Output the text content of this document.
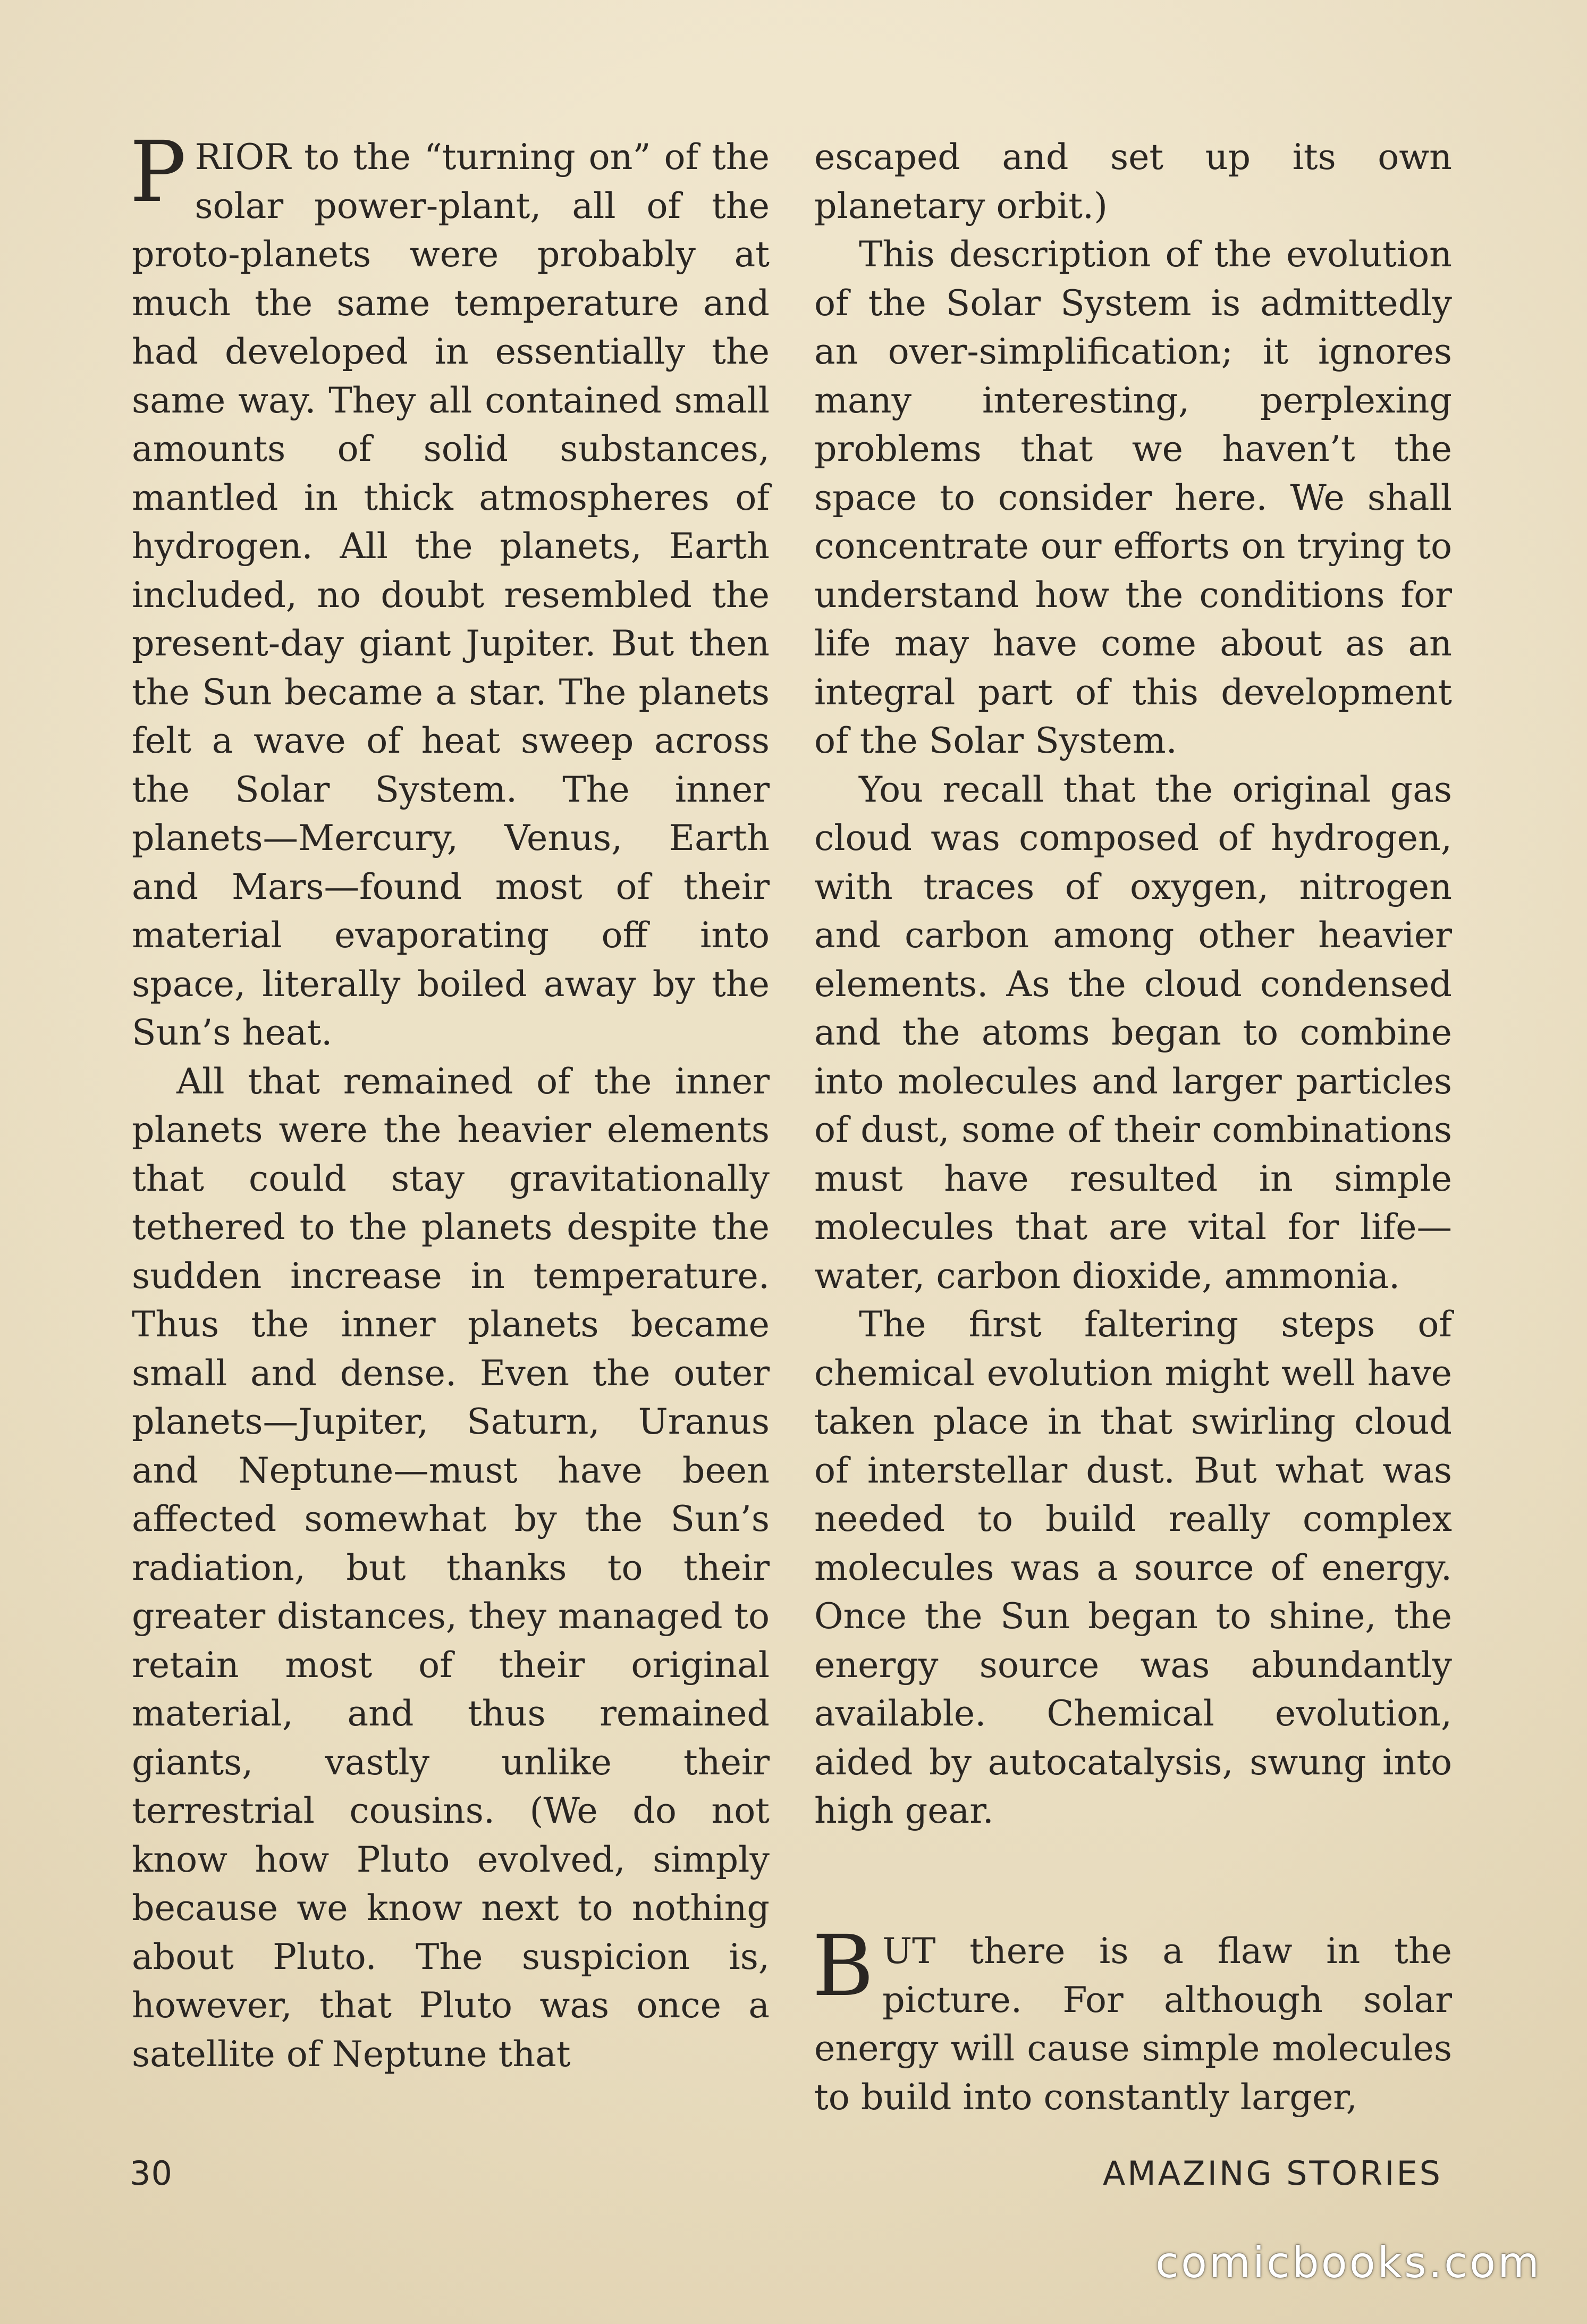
PRIOR to the “turning on” of the solar power-plant, all of the proto-planets were probably at much the same temperature and had developed in essentially the same way. They all contained small amounts of solid substances, mantled in thick atmospheres of hydrogen. All the planets, Earth included, no doubt resembled the present-day giant Jupiter. But then the Sun became a star. The planets felt a wave of heat sweep across the Solar System. The inner planets—Mercury, Venus, Earth and Mars—found most of their material evaporating off into space, literally boiled away by the Sun’s heat.

All that remained of the inner planets were the heavier elements that could stay gravitationally tethered to the planets despite the sudden increase in temperature. Thus the inner planets became small and dense. Even the outer planets—Jupiter, Saturn, Uranus and Neptune—must have been affected somewhat by the Sun’s radiation, but thanks to their greater distances, they managed to retain most of their original material, and thus remained giants, vastly unlike their terrestrial cousins. (We do not know how Pluto evolved, simply because we know next to nothing about Pluto. The suspicion is, however, that Pluto was once a satellite of Neptune that

escaped and set up its own planetary orbit.)

This description of the evolution of the Solar System is admittedly an over-simplification; it ignores many interesting, perplexing problems that we haven’t the space to consider here. We shall concentrate our efforts on trying to understand how the conditions for life may have come about as an integral part of this development of the Solar System.

You recall that the original gas cloud was composed of hydrogen, with traces of oxygen, nitrogen and carbon among other heavier elements. As the cloud condensed and the atoms began to combine into molecules and larger particles of dust, some of their combinations must have resulted in simple molecules that are vital for life—water, carbon dioxide, ammonia.

The first faltering steps of chemical evolution might well have taken place in that swirling cloud of interstellar dust. But what was needed to build really complex molecules was a source of energy. Once the Sun began to shine, the energy source was abundantly available. Chemical evolution, aided by autocatalysis, swung into high gear.

BUT there is a flaw in the picture. For although solar energy will cause simple molecules to build into constantly larger,

30	AMAZING STORIES
comicbooks.com
